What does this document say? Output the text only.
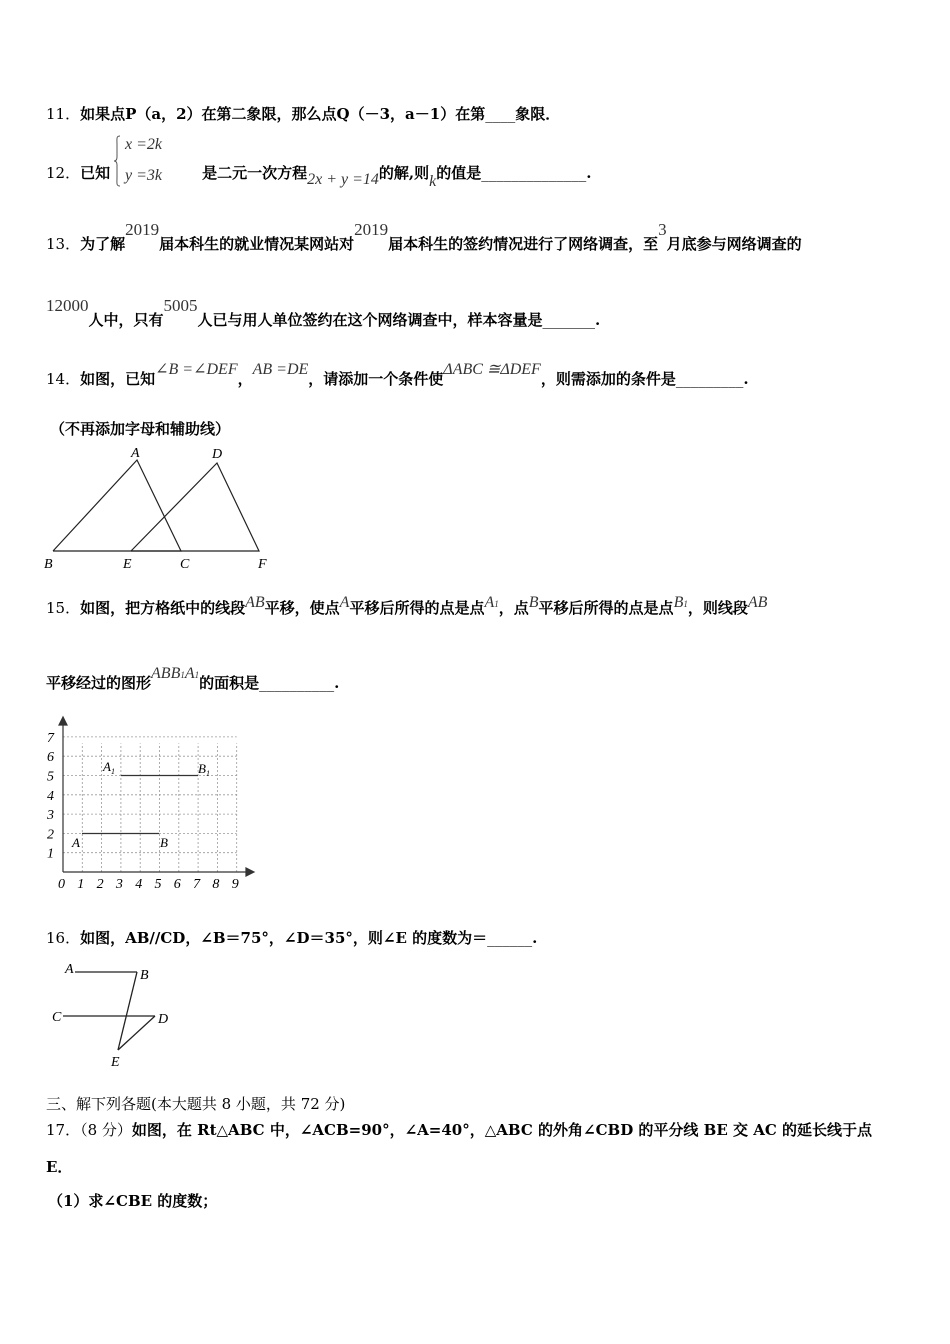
11．如果点P（a，2）在第二象限，那么点Q（－3，a－1）在第____象限．
x =2k
y =3k
12．已知	是二元一次方程2x + y =14的解,则k的值是______________.
13．为了解2019届本科生的就业情况某网站对2019届本科生的签约情况进行了网络调查，至3月底参与网络调查的
12000人中，只有5005人已与用人单位签约在这个网络调查中，样本容量是_______.
14．如图，已知∠B =∠DEF，AB =DE，请添加一个条件使ΔABC ≅ΔDEF，则需添加的条件是_________.
（不再添加字母和辅助线）
A	D
B	E	C	F
15．如图，把方格纸中的线段AB平移，使点A平移后所得的点是点A1，点B平移后所得的点是点B1，则线段AB
平移经过的图形ABB1A1的面积是__________.
0 1 2 3 4 5 6 7 8 9
1
2
3
4
5
6
7
A	B
$A_1$	$B_1$
16．如图，AB//CD，∠B＝75°，∠D＝35°，则∠E 的度数为＝______.
A	B
C	D
E
三、解下列各题(本大题共 8 小题，共 72 分)
17．（8 分）如图，在 Rt△ABC 中，∠ACB=90°，∠A=40°，△ABC 的外角∠CBD 的平分线 BE 交 AC 的延长线于点
E．
（1）求∠CBE 的度数；
